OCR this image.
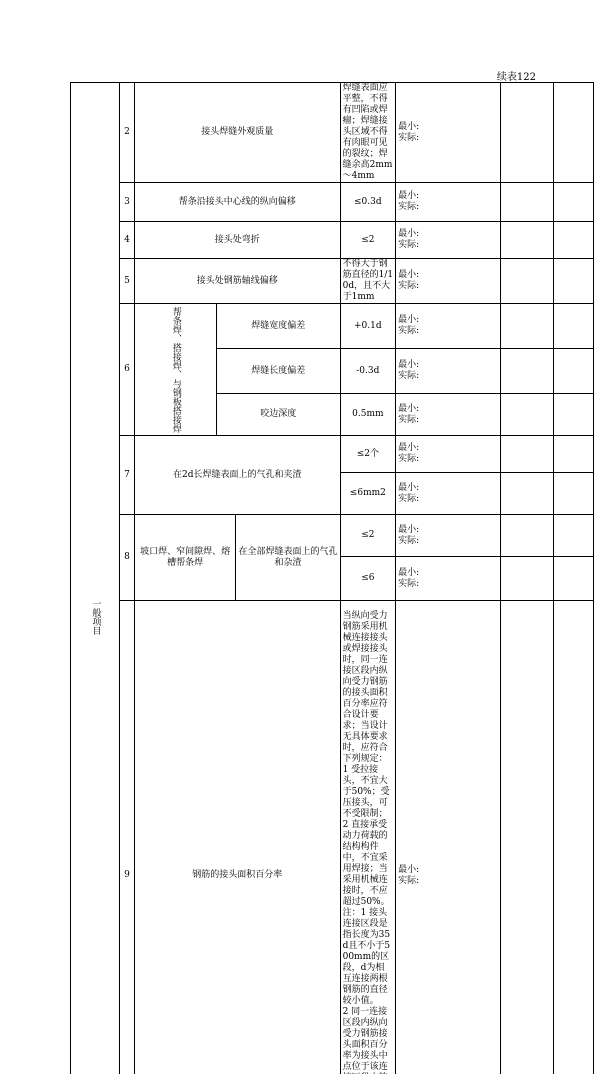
续表122
一般项目	2	接头焊缝外观质量			焊缝表面应平整，不得有凹陷或焊瘤；焊缝接头区域不得有肉眼可见的裂纹；焊缝余高2mm～4mm	最小:
实际:		

	3	帮条沿接头中心线的纵向偏移			≤0.3d	最小:
实际:		

	4	接头处弯折			≤2	最小:
实际:		

	5	接头处钢筋轴线偏移			不得大于钢筋直径的1/10d，且不大于1mm	最小:
实际:		

	6	帮条焊、搭接焊、与钢板搭接焊	焊缝宽度偏差		+0.1d	最小:
实际:		

			焊缝长度偏差		-0.3d	最小:
实际:		

			咬边深度		0.5mm	最小:
实际:		

	7	在2d长焊缝表面上的气孔和夹渣			≤2个	最小:
实际:		

					≤6mm2	最小:
实际:		

	8	坡口焊、窄间隙焊、熔槽帮条焊		在全部焊缝表面上的气孔和杂渣	≤2	最小:
实际:		

					≤6	最小:
实际:		

	9	钢筋的接头面积百分率			当纵向受力钢筋采用机械连接接头或焊接接头时，同一连接区段内纵向受力钢筋的接头面积百分率应符合设计要求；当设计无具体要求时，应符合下列规定：
1 受拉接头，不宜大于50%；受压接头，可不受限制；
2 直接承受动力荷载的结构构件中，不宜采用焊接；当采用机械连接时，不应超过50%。
注：1 接头连接区段是指长度为35d且不小于500mm的区段，d为相互连接两根钢筋的直径较小值。
2 同一连接区段内纵向受力钢筋接头面积百分率为接头中点位于该连	最小:
实际:		
